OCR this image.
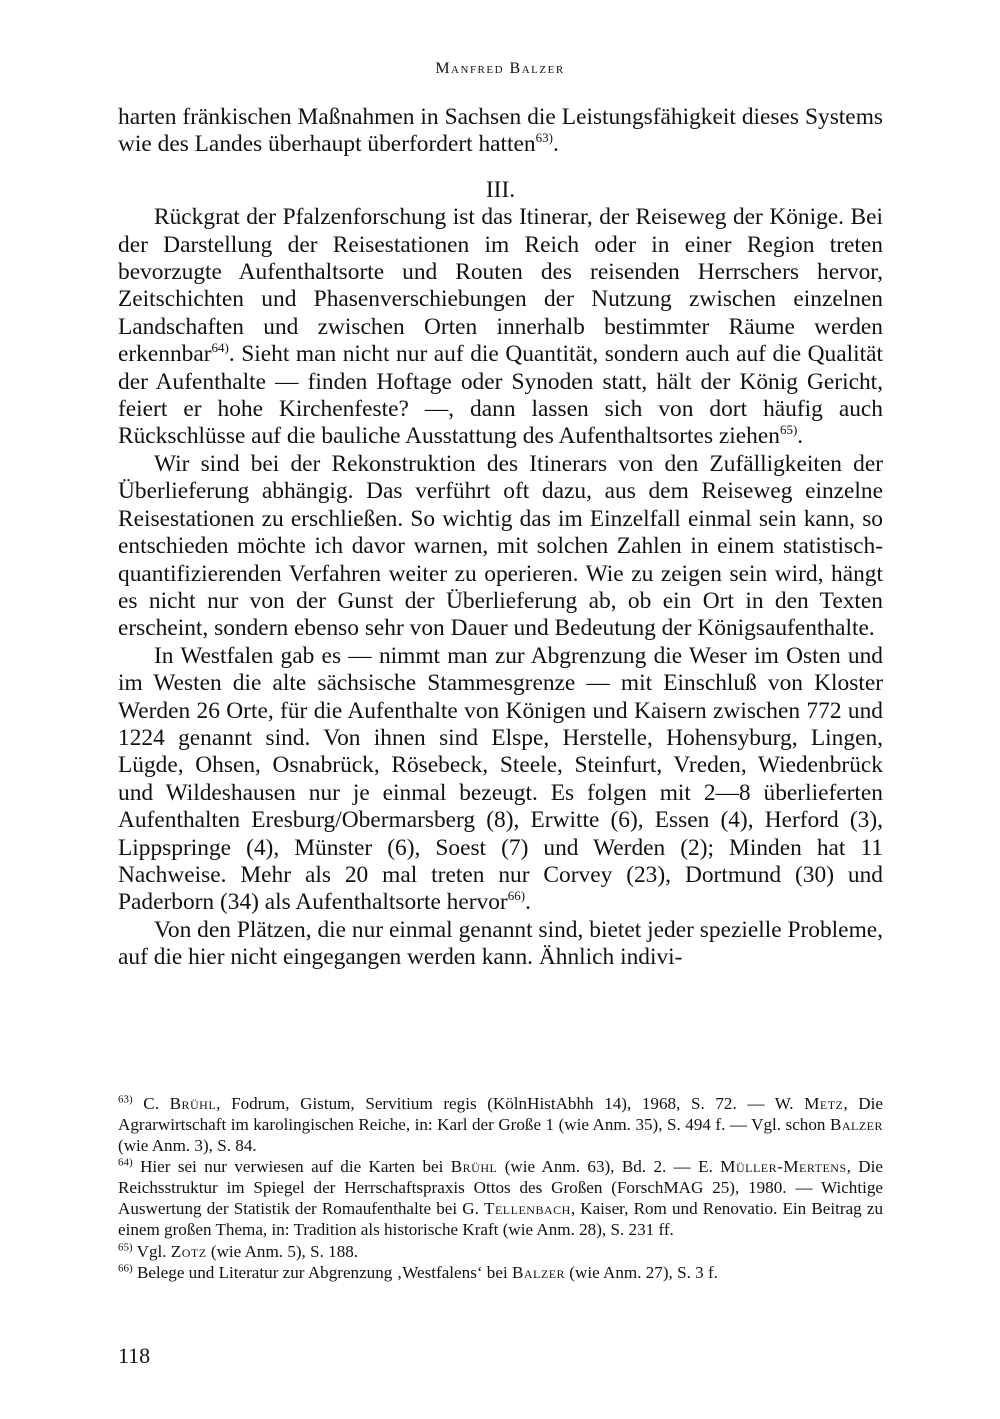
Manfred Balzer

harten fränkischen Maßnahmen in Sachsen die Leistungsfähigkeit dieses Systems wie des Landes überhaupt überfordert hatten$^{63)}$.

III.

Rückgrat der Pfalzenforschung ist das Itinerar, der Reiseweg der Könige. Bei der Darstellung der Reisestationen im Reich oder in einer Region treten bevorzugte Aufenthaltsorte und Routen des reisenden Herrschers hervor, Zeitschichten und Phasenverschiebungen der Nutzung zwischen einzelnen Landschaften und zwischen Orten innerhalb bestimmter Räume werden erkennbar$^{64)}$. Sieht man nicht nur auf die Quantität, sondern auch auf die Qualität der Aufenthalte — finden Hoftage oder Synoden statt, hält der König Gericht, feiert er hohe Kirchenfeste? —, dann lassen sich von dort häufig auch Rückschlüsse auf die bauliche Ausstattung des Aufenthaltsortes ziehen$^{65)}$.

Wir sind bei der Rekonstruktion des Itinerars von den Zufälligkeiten der Überlieferung abhängig. Das verführt oft dazu, aus dem Reiseweg einzelne Reisestationen zu erschließen. So wichtig das im Einzelfall einmal sein kann, so entschieden möchte ich davor warnen, mit solchen Zahlen in einem statistisch-quantifizierenden Verfahren weiter zu operieren. Wie zu zeigen sein wird, hängt es nicht nur von der Gunst der Überlieferung ab, ob ein Ort in den Texten erscheint, sondern ebenso sehr von Dauer und Bedeutung der Königsaufenthalte.

In Westfalen gab es — nimmt man zur Abgrenzung die Weser im Osten und im Westen die alte sächsische Stammesgrenze — mit Einschluß von Kloster Werden 26 Orte, für die Aufenthalte von Königen und Kaisern zwischen 772 und 1224 genannt sind. Von ihnen sind Elspe, Herstelle, Hohensyburg, Lingen, Lügde, Ohsen, Osnabrück, Rösebeck, Steele, Steinfurt, Vreden, Wiedenbrück und Wildeshausen nur je einmal bezeugt. Es folgen mit 2—8 überlieferten Aufenthalten Eresburg/Obermarsberg (8), Erwitte (6), Essen (4), Herford (3), Lippspringe (4), Münster (6), Soest (7) und Werden (2); Minden hat 11 Nachweise. Mehr als 20 mal treten nur Corvey (23), Dortmund (30) und Paderborn (34) als Aufenthaltsorte hervor$^{66)}$.

Von den Plätzen, die nur einmal genannt sind, bietet jeder spezielle Probleme, auf die hier nicht eingegangen werden kann. Ähnlich indivi-

$^{63)}$ C. Brühl, Fodrum, Gistum, Servitium regis (KölnHistAbhh 14), 1968, S. 72. — W. Metz, Die Agrarwirtschaft im karolingischen Reiche, in: Karl der Große 1 (wie Anm. 35), S. 494 f. — Vgl. schon Balzer (wie Anm. 3), S. 84.
$^{64)}$ Hier sei nur verwiesen auf die Karten bei Brühl (wie Anm. 63), Bd. 2. — E. Müller-Mertens, Die Reichsstruktur im Spiegel der Herrschaftspraxis Ottos des Großen (ForschMAG 25), 1980. — Wichtige Auswertung der Statistik der Romaufenthalte bei G. Tellenbach, Kaiser, Rom und Renovatio. Ein Beitrag zu einem großen Thema, in: Tradition als historische Kraft (wie Anm. 28), S. 231 ff.
$^{65)}$ Vgl. Zotz (wie Anm. 5), S. 188.
$^{66)}$ Belege und Literatur zur Abgrenzung ‚Westfalens‘ bei Balzer (wie Anm. 27), S. 3 f.
118
